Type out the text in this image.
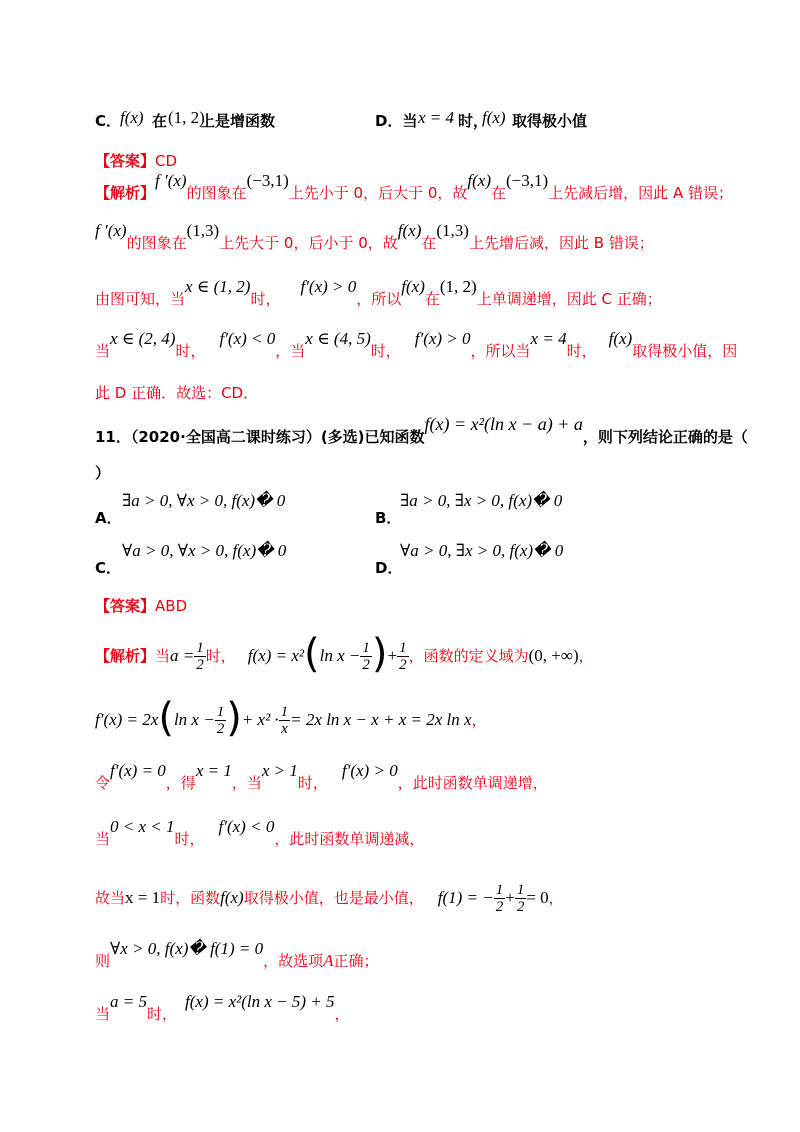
C．
f(x) 在 (1, 2)
上是增函数	D．当 x = 4 时，
f(x) 取得极小值
【答案】CD
【解析】f ′(x)的图象在(−3,1)上先小于 0，后大于 0，故f(x)在(−3,1)上先减后增，因此 A 错误；
f ′(x)的图象在(1,3)上先大于 0，后小于 0，故f(x)在(1,3)上先增后减，因此 B 错误；
由图可知，当x ∈ (1, 2)时，f′(x) > 0，所以f(x)在(1, 2)上单调递增，因此 C 正确；
当x ∈ (2, 4)时，f′(x) < 0，当x ∈ (4, 5)时，f′(x) > 0，所以当x = 4时，f(x)取得极小值，因
此 D 正确．故选：CD．
11．（2020·全国高二课时练习）(多选)已知函数f(x) = x²(ln x − a) + a，则下列结论正确的是（
）
A．
∃a > 0, ∀x > 0, f(x)� 0
B．
∃a > 0, ∃x > 0, f(x)� 0
C．
∀a > 0, ∀x > 0, f(x)� 0
D．
∀a > 0, ∃x > 0, f(x)� 0
【答案】ABD
【解析】当$a = \frac{1}{2}$ 时， f(x) = x²(ln $x - \frac{1}{2}$ )+ $\frac{1}{2}$ ，函数的定义域为(0, +∞)，
f′(x) = 2x(ln $x - \frac{1}{2}$ )+ $x^2 \cdot \frac{1}{x} = 2x$ ln x − x + x = 2x ln x，
令f′(x) = 0，得x = 1，当x > 1时，f′(x) > 0，此时函数单调递增，
当0 < x < 1时，f′(x) < 0，此时函数单调递减，
故当x = 1时，函数f(x)取得极小值，也是最小值， f(1) = − $\frac{1}{2} + \frac{1}{2} = 0$，
则∀x > 0, f(x)� f(1) = 0，故选项A正确；
当a = 5时，f(x) = x²(ln x − 5) + 5，
